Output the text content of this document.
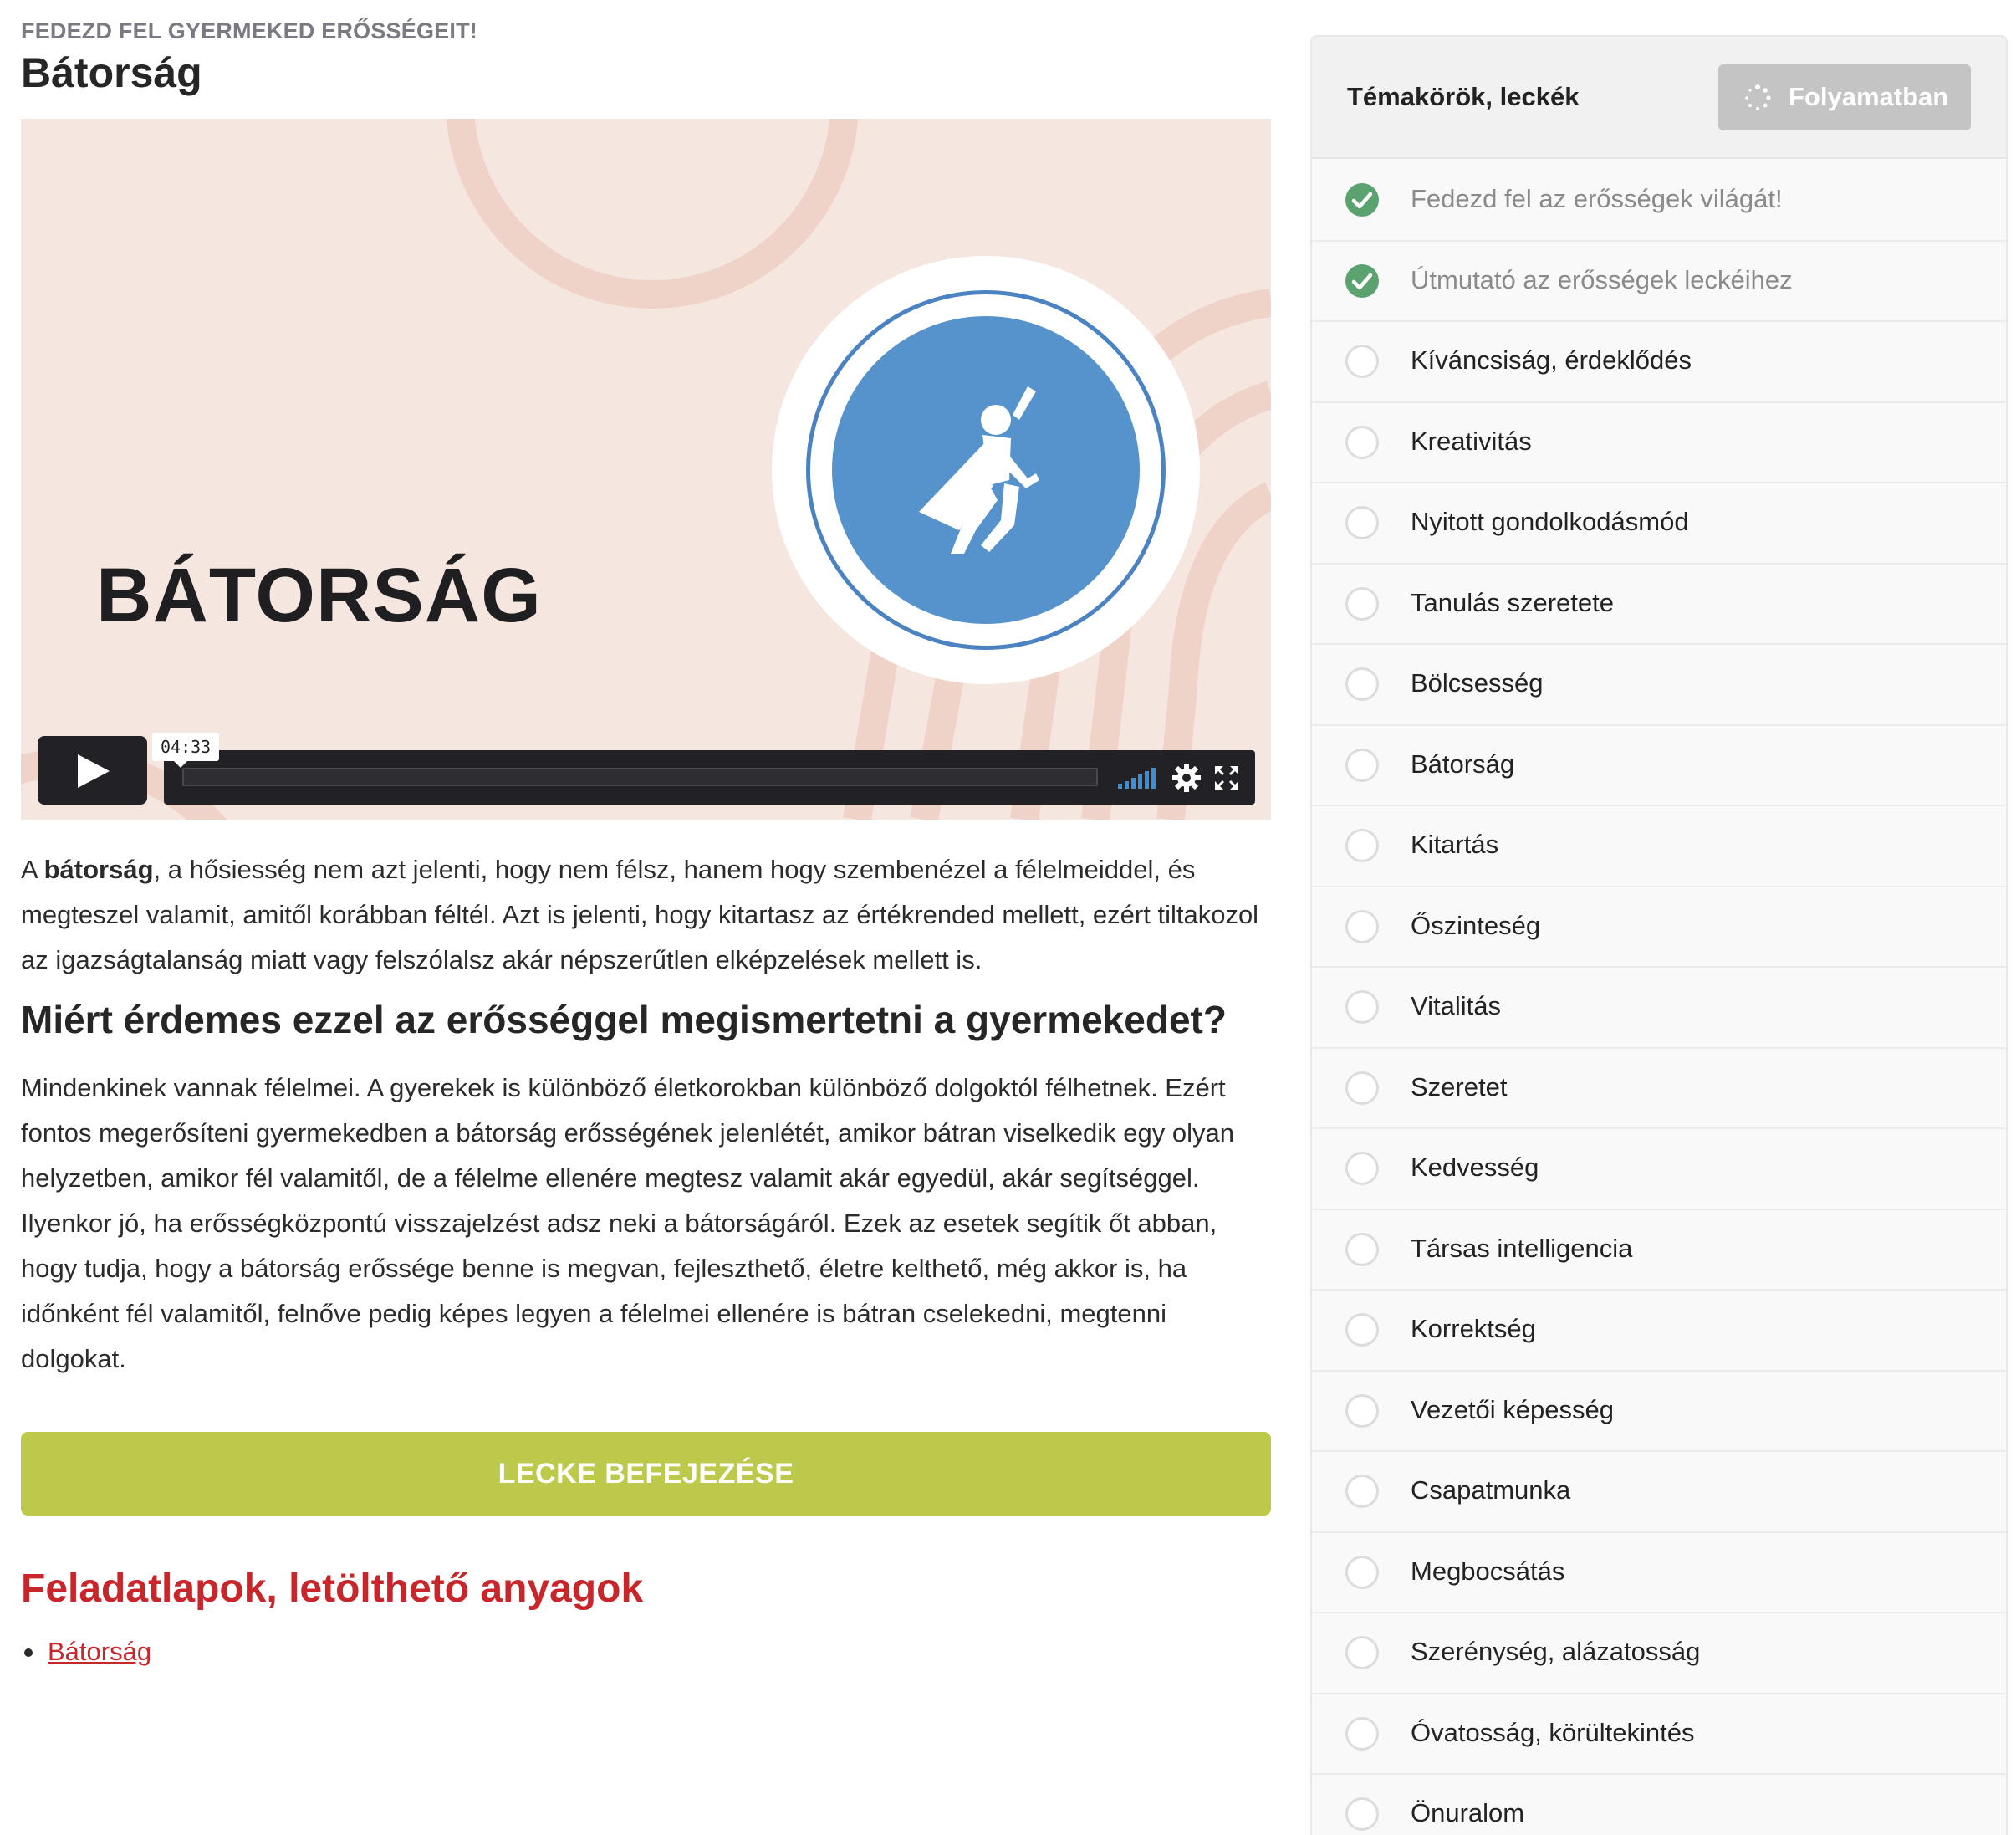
FEDEZD FEL GYERMEKED ERŐSSÉGEIT!
Bátorság
BÁTORSÁG
04:33

A bátorság, a hősiesség nem azt jelenti, hogy nem félsz, hanem hogy szembenézel a félelmeiddel, és megteszel valamit, amitől korábban féltél. Azt is jelenti, hogy kitartasz az értékrended mellett, ezért tiltakozol az igazságtalanság miatt vagy felszólalsz akár népszerűtlen elképzelések mellett is.

Miért érdemes ezzel az erősséggel megismertetni a gyermekedet?

Mindenkinek vannak félelmei. A gyerekek is különböző életkorokban különböző dolgoktól félhetnek. Ezért fontos megerősíteni gyermekedben a bátorság erősségének jelenlétét, amikor bátran viselkedik egy olyan helyzetben, amikor fél valamitől, de a félelme ellenére megtesz valamit akár egyedül, akár segítséggel. Ilyenkor jó, ha erősségközpontú visszajelzést adsz neki a bátorságáról. Ezek az esetek segítik őt abban, hogy tudja, hogy a bátorság erőssége benne is megvan, fejleszthető, életre kelthető, még akkor is, ha időnként fél valamitől, felnőve pedig képes legyen a félelmei ellenére is bátran cselekedni, megtenni dolgokat.

LECKE BEFEJEZÉSE
Feladatlapok, letölthető anyagok
Bátorság
Témakörök, leckék	Folyamatban
Fedezd fel az erősségek világát!
Útmutató az erősségek leckéihez
Kíváncsiság, érdeklődés
Kreativitás
Nyitott gondolkodásmód
Tanulás szeretete
Bölcsesség
Bátorság
Kitartás
Őszinteség
Vitalitás
Szeretet
Kedvesség
Társas intelligencia
Korrektség
Vezetői képesség
Csapatmunka
Megbocsátás
Szerénység, alázatosság
Óvatosság, körültekintés
Önuralom
